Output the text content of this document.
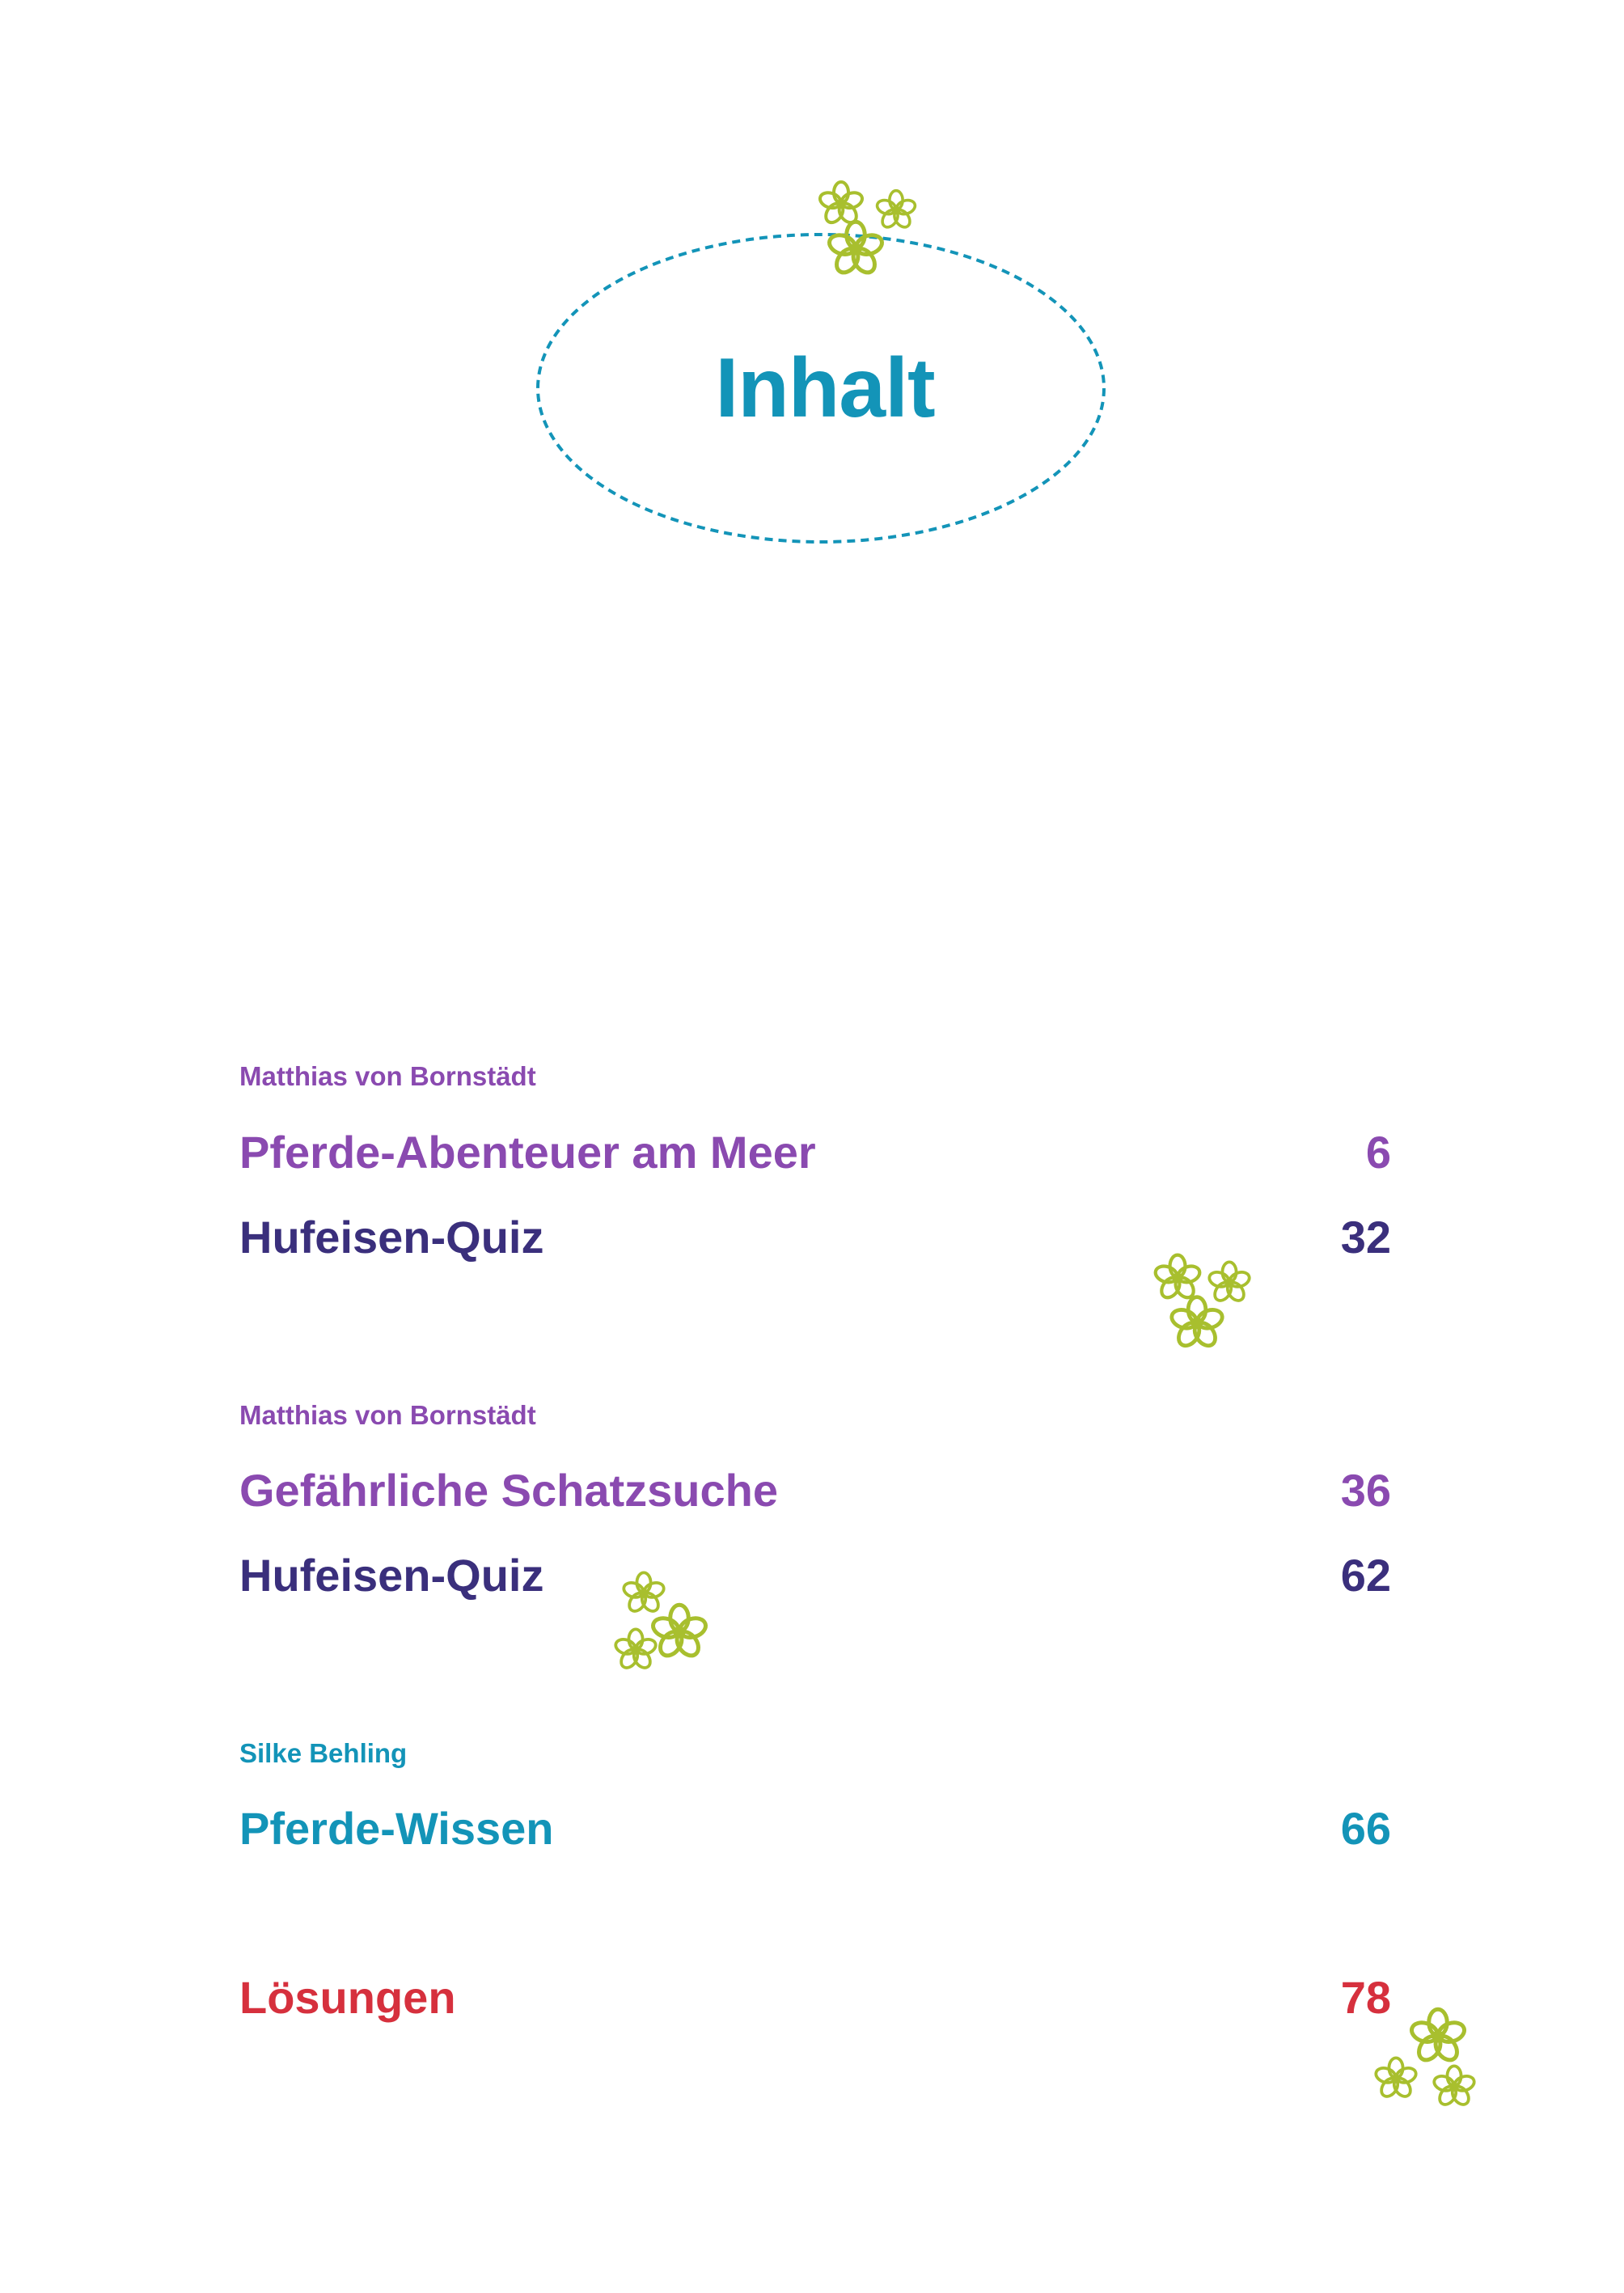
Inhalt

Matthias von Bornstädt

Pferde-Abenteuer am Meer	6
Hufeisen-Quiz	32

Matthias von Bornstädt

Gefährliche Schatzsuche	36
Hufeisen-Quiz	62

Silke Behling

Pferde-Wissen	66
Lösungen	78
